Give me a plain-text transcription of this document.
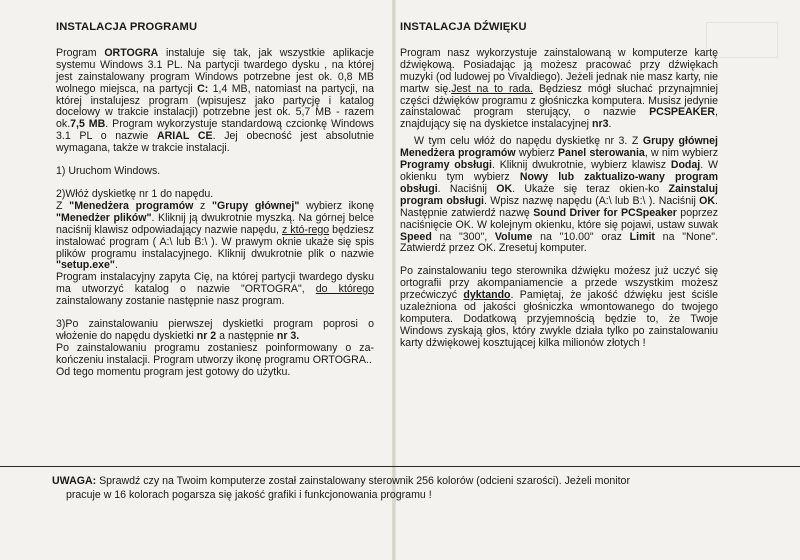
INSTALACJA PROGRAMU

Program ORTOGRA instaluje się tak, jak wszystkie aplikacje systemu Windows 3.1 PL. Na partycji twardego dysku , na której jest zainstalowany program Windows potrzebne jest ok. 0,8 MB wolnego miejsca, na partycji C: 1,4 MB, natomiast na partycji, na której instalujesz program (wpisujesz jako partycję i katalog docelowy w trakcie instalacji) potrzebne jest ok. 5,7 MB - razem ok.7,5 MB. Program wykorzystuje standardową czcionkę Windows 3.1 PL o nazwie ARIAL CE. Jej obecność jest absolutnie wymagana, także w trakcie instalacji.

1) Uruchom Windows.

2)Włóż dyskietkę nr 1 do napędu.

Z "Menedżera programów z "Grupy głównej" wybierz ikonę "Menedżer plików". Kliknij ją dwukrotnie myszką. Na górnej belce naciśnij klawisz odpowiadający nazwie napędu, z któ-rego będziesz instalować program ( A:\ lub B:\ ). W prawym oknie ukaże się spis plików programu instalacyjnego. Kliknij dwukrotnie plik o nazwie "setup.exe".

Program instalacyjny zapyta Cię, na której partycji twardego dysku ma utworzyć katalog o nazwie "ORTOGRA", do którego zainstalowany zostanie następnie nasz program.

3)Po zainstalowaniu pierwszej dyskietki program poprosi o włożenie do napędu dyskietki nr 2 a następnie nr 3.

Po zainstalowaniu programu zostaniesz poinformowany o za-kończeniu instalacji. Program utworzy ikonę programu ORTOGRA..

Od tego momentu program jest gotowy do użytku.

INSTALACJA DŹWIĘKU

Program nasz wykorzystuje zainstalowaną w komputerze kartę dźwiękową. Posiadając ją możesz pracować przy dźwiękach muzyki (od ludowej po Vivaldiego). Jeżeli jednak nie masz karty, nie martw się.Jest na to rada. Będziesz mógł słuchać przynajmniej części dźwięków programu z głośniczka komputera. Musisz jedynie zainstalować program sterujący, o nazwie PCSPEAKER, znajdujący się na dyskietce instalacyjnej nr3.

W tym celu włóż do napędu dyskietkę nr 3. Z Grupy głównej Menedżera programów wybierz Panel sterowania, w nim wybierz Programy obsługi. Kliknij dwukrotnie, wybierz klawisz Dodaj. W okienku tym wybierz Nowy lub zaktualizo-wany program obsługi. Naciśnij OK. Ukaże się teraz okien-ko Zainstaluj program obsługi. Wpisz nazwę napędu (A:\ lub B:\ ). Naciśnij OK. Następnie zatwierdź nazwę Sound Driver for PCSpeaker poprzez naciśnięcie OK. W kolejnym okienku, które się pojawi, ustaw suwak Speed na "300", Volume na "10.00" oraz Limit na "None". Zatwierdź przez OK. Zresetuj komputer.

Po zainstalowaniu tego sterownika dźwięku możesz już uczyć się ortografii przy akompaniamencie a przede wszystkim możesz przećwiczyć dyktando. Pamiętaj, że jakość dźwięku jest ściśle uzależniona od jakości głośniczka wmontowanego do twojego komputera. Dodatkową przyjemnością będzie to, że Twoje Windows zyskają głos, który zwykle działa tylko po zainstalowaniu karty dźwiękowej kosztującej kilka milionów złotych !

UWAGA: Sprawdź czy na Twoim komputerze został zainstalowany sterownik 256 kolorów (odcieni szarości). Jeżeli monitor
pracuje w 16 kolorach pogarsza się jakość grafiki i funkcjonowania programu !
